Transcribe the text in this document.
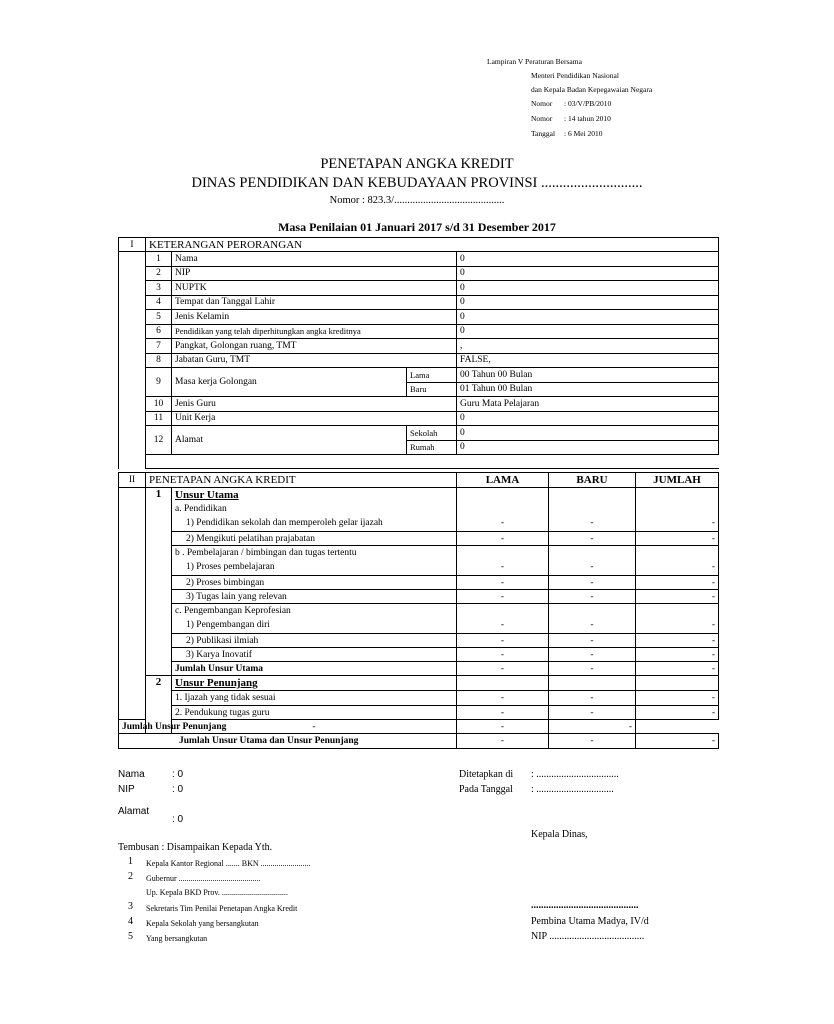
Lampiran V Peraturan Bersama
Menteri Pendidikan Nasional
dan Kepala Badan Kepegawaian Negara
Nomor : 03/V/PB/2010
Nomor : 14 tahun 2010
Tanggal : 6 Mei 2010
PENETAPAN ANGKA KREDIT
DINAS PENDIDIKAN DAN KEBUDAYAAN PROVINSI ............................
Nomor : 823.3/..........................................
Masa Penilaian 01 Januari 2017 s/d 31 Desember 2017
I	KETERANGAN PERORANGAN			
	1	Nama		0
	2	NIP		0
	3	NUPTK		0
	4	Tempat dan Tanggal Lahir		0
	5	Jenis Kelamin		0
	6	Pendidikan yang telah diperhitungkan angka kreditnya		0
	7	Pangkat, Golongan ruang, TMT		,
	8	Jabatan Guru, TMT		FALSE,
	9	Masa kerja Golongan	Lama	00 Tahun 00 Bulan
			Baru	01 Tahun 00 Bulan
	10	Jenis Guru		Guru Mata Pelajaran
	11	Unit Kerja		0
	12	Alamat	Sekolah	0
			Rumah	0

II	PENETAPAN ANGKA KREDIT		LAMA	BARU	JUMLAH
	1	Unsur Utama			
		a. Pendidikan			
		1) Pendidikan sekolah dan memperoleh gelar ijazah	-	-	-
		2) Mengikuti pelatihan prajabatan	-	-	-
		b . Pembelajaran / bimbingan dan tugas tertentu			
		1) Proses pembelajaran	-	-	-
		2) Proses bimbingan	-	-	-
		3) Tugas lain yang relevan	-	-	-
		c. Pengembangan Keprofesian			
		1) Pengembangan diri	-	-	-
		2) Publikasi ilmiah	-	-	-
		3) Karya Inovatif	-	-	-
		Jumlah Unsur Utama	-	-	-
	2	Unsur Penunjang			
		1. Ijazah yang tidak sesuai	-	-	-
		2. Pendukung tugas guru	-	-	-
Jumlah Unsur Penunjang		-	-	-	
Jumlah Unsur Utama dan Unsur Penunjang			-	-	-
Nama	: 0
NIP	: 0
Alamat
: 0
Ditetapkan di : .................................
Pada Tanggal : ...............................
Kepala Dinas,
Tembusan : Disampaikan Kepada Yth.
1 Kepala Kantor Regional ....... BKN .........................
2 Gubernur .........................................
Up. Kepala BKD Prov. .................................
3 Sekretaris Tim Penilai Penetapan Angka Kredit
4 Kepala Sekolah yang bersangkutan
5 Yang bersangkutan
...........................................
Pembina Utama Madya, IV/d
NIP ......................................
